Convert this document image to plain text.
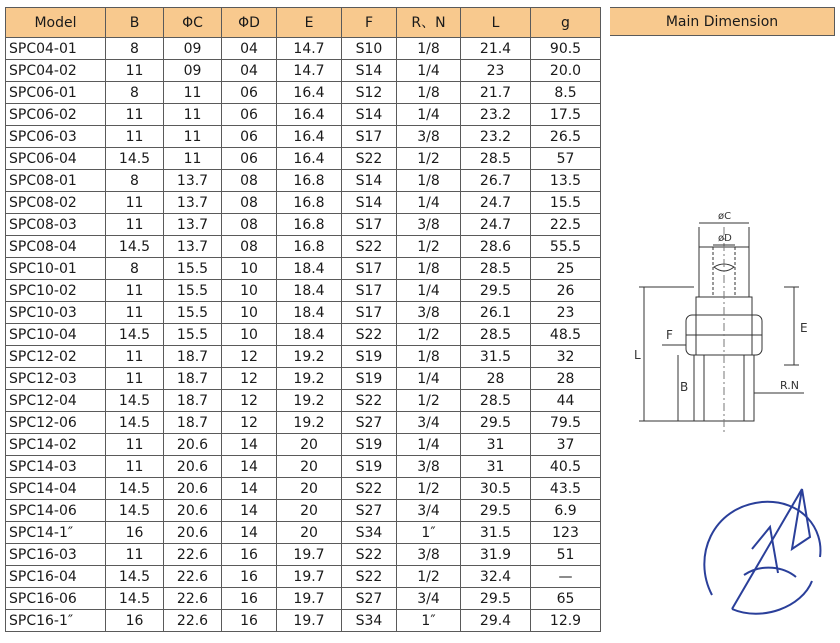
Model	B	ΦC	ΦD	E	F	R、N	L	g
SPC04-01	8	09	04	14.7	S10	1/8	21.4	90.5
SPC04-02	11	09	04	14.7	S14	1/4	23	20.0
SPC06-01	8	11	06	16.4	S12	1/8	21.7	8.5
SPC06-02	11	11	06	16.4	S14	1/4	23.2	17.5
SPC06-03	11	11	06	16.4	S17	3/8	23.2	26.5
SPC06-04	14.5	11	06	16.4	S22	1/2	28.5	57
SPC08-01	8	13.7	08	16.8	S14	1/8	26.7	13.5
SPC08-02	11	13.7	08	16.8	S14	1/4	24.7	15.5
SPC08-03	11	13.7	08	16.8	S17	3/8	24.7	22.5
SPC08-04	14.5	13.7	08	16.8	S22	1/2	28.6	55.5
SPC10-01	8	15.5	10	18.4	S17	1/8	28.5	25
SPC10-02	11	15.5	10	18.4	S17	1/4	29.5	26
SPC10-03	11	15.5	10	18.4	S17	3/8	26.1	23
SPC10-04	14.5	15.5	10	18.4	S22	1/2	28.5	48.5
SPC12-02	11	18.7	12	19.2	S19	1/8	31.5	32
SPC12-03	11	18.7	12	19.2	S19	1/4	28	28
SPC12-04	14.5	18.7	12	19.2	S22	1/2	28.5	44
SPC12-06	14.5	18.7	12	19.2	S27	3/4	29.5	79.5
SPC14-02	11	20.6	14	20	S19	1/4	31	37
SPC14-03	11	20.6	14	20	S19	3/8	31	40.5
SPC14-04	14.5	20.6	14	20	S22	1/2	30.5	43.5
SPC14-06	14.5	20.6	14	20	S27	3/4	29.5	6.9
SPC14-1″	16	20.6	14	20	S34	1″	31.5	123
SPC16-03	11	22.6	16	19.7	S22	3/8	31.9	51
SPC16-04	14.5	22.6	16	19.7	S22	1/2	32.4	—
SPC16-06	14.5	22.6	16	19.7	S27	3/4	29.5	65
SPC16-1″	16	22.6	16	19.7	S34	1″	29.4	12.9
Main Dimension
øC
øD
E
F
L
B	R.N
